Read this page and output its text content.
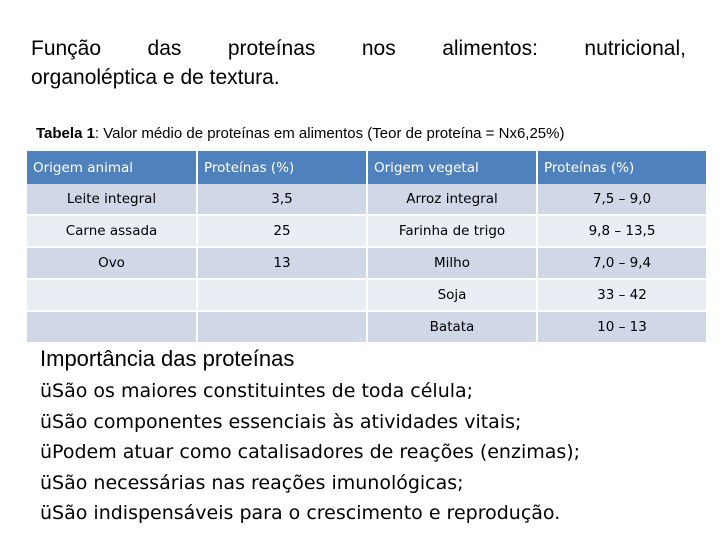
Função das proteínas nos alimentos: nutricional,
organoléptica e de textura.
Tabela 1: Valor médio de proteínas em alimentos (Teor de proteína = Nx6,25%)
Origem animal	Proteínas (%)	Origem vegetal	Proteínas (%)
Leite integral	3,5	Arroz integral	7,5 – 9,0
Carne assada	25	Farinha de trigo	9,8 – 13,5
Ovo	13	Milho	7,0 – 9,4
		Soja	33 – 42
		Batata	10 – 13
Importância das proteínas
üSão os maiores constituintes de toda célula;
üSão componentes essenciais às atividades vitais;
üPodem atuar como catalisadores de reações (enzimas);
üSão necessárias nas reações imunológicas;
üSão indispensáveis para o crescimento e reprodução.
